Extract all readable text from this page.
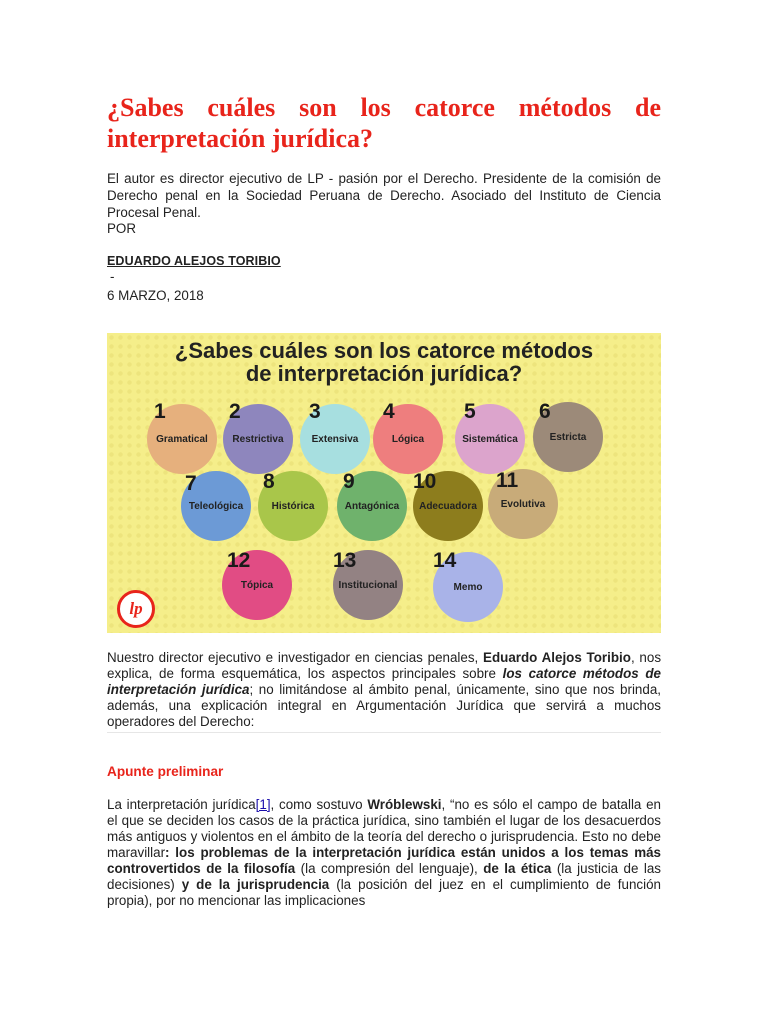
¿Sabes cuáles son los catorce métodos de interpretación jurídica?
El autor es director ejecutivo de LP - pasión por el Derecho. Presidente de la comisión de Derecho penal en la Sociedad Peruana de Derecho. Asociado del Instituto de Ciencia Procesal Penal.
POR
EDUARDO ALEJOS TORIBIO
-
6 MARZO, 2018
¿Sabes cuáles son los catorce métodos
de interpretación jurídica?
Gramatical
1
Restrictiva
2
Extensiva
3
Lógica
4
Sistemática
5
Estricta
6
Teleológica
7
Histórica
8
Antagónica
9
Adecuadora
10
Evolutiva
11
Tópica
12
Institucional
13
Memo
14
lp
Nuestro director ejecutivo e investigador en ciencias penales, Eduardo Alejos Toribio, nos explica, de forma esquemática, los aspectos principales sobre los catorce métodos de interpretación jurídica; no limitándose al ámbito penal, únicamente, sino que nos brinda, además, una explicación integral en Argumentación Jurídica que servirá a muchos operadores del Derecho:
Apunte preliminar
La interpretación jurídica[1], como sostuvo Wróblewski, “no es sólo el campo de batalla en el que se deciden los casos de la práctica jurídica, sino también el lugar de los desacuerdos más antiguos y violentos en el ámbito de la teoría del derecho o jurisprudencia. Esto no debe maravillar: los problemas de la interpretación jurídica están unidos a los temas más controvertidos de la filosofía (la compresión del lenguaje), de la ética (la justicia de las decisiones) y de la jurisprudencia (la posición del juez en el cumplimiento de función propia), por no mencionar las implicaciones
